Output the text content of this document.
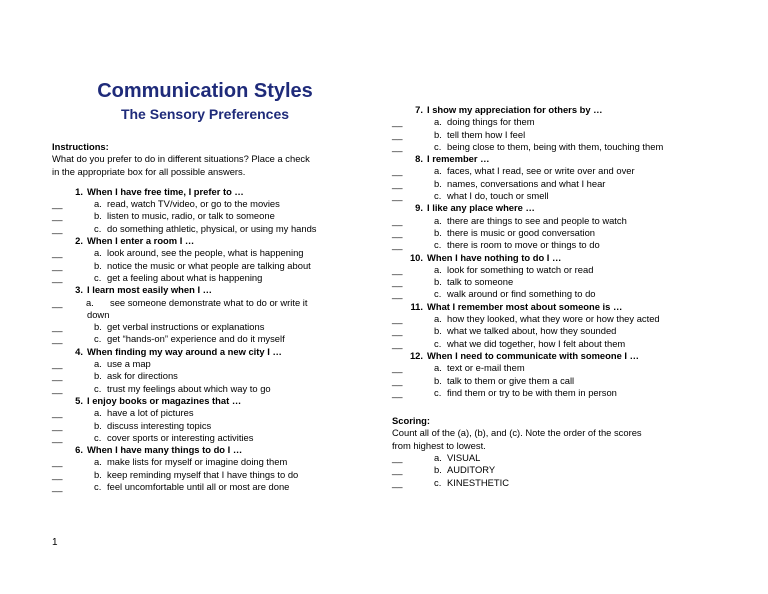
Communication Styles
The Sensory Preferences
Instructions:
What do you prefer to do in different situations? Place a check
in the appropriate box for all possible answers.
1. When I have free time, I prefer to …
__	a. read, watch TV/video, or go to the movies
__	b. listen to music, radio, or talk to someone
__	c. do something athletic, physical, or using my hands
2. When I enter a room I …
__	a. look around, see the people, what is happening
__	b. notice the music or what people are talking about
__	c. get a feeling about what is happening
3. I learn most easily when I …
__	a.	see someone demonstrate what to do or write it
down
__	b. get verbal instructions or explanations
__	c. get “hands-on” experience and do it myself
4. When finding my way around a new city I …
__	a. use a map
__	b. ask for directions
__	c. trust my feelings about which way to go
5. I enjoy books or magazines that …
__	a. have a lot of pictures
__	b. discuss interesting topics
__	c. cover sports or interesting activities
6. When I have many things to do I …
__	a. make lists for myself or imagine doing them
__	b. keep reminding myself that I have things to do
__	c. feel uncomfortable until all or most are done
7. I show my appreciation for others by …
__	a. doing things for them
__	b. tell them how I feel
__	c. being close to them, being with them, touching them
8. I remember …
__	a. faces, what I read, see or write over and over
__	b. names, conversations and what I hear
__	c. what I do, touch or smell
9. I like any place where …
__	a. there are things to see and people to watch
__	b. there is music or good conversation
__	c. there is room to move or things to do
10. When I have nothing to do I …
__	a. look for something to watch or read
__	b. talk to someone
__	c. walk around or find something to do
11. What I remember most about someone is …
__	a. how they looked, what they wore or how they acted
__	b. what we talked about, how they sounded
__	c. what we did together, how I felt about them
12. When I need to communicate with someone I …
__	a. text or e-mail them
__	b. talk to them or give them a call
__	c. find them or try to be with them in person
Scoring:
Count all of the (a), (b), and (c). Note the order of the scores
from highest to lowest.
__	a. VISUAL
__	b. AUDITORY
__	c. KINESTHETIC
1
